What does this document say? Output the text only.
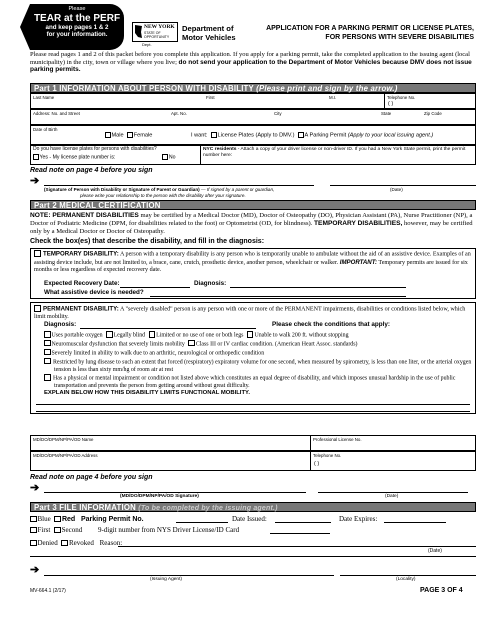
Please
TEAR at the PERF
and keep pages 1 & 2
for your information.
NEW YORK
STATE OF
OPPORTUNITY
Dept.
Department of
Motor Vehicles
APPLICATION FOR A PARKING PERMIT OR LICENSE PLATES,
FOR PERSONS WITH SEVERE DISABILITIES
Please read pages 1 and 2 of this packet before you complete this application. If you apply for a parking permit, take the completed application to the issuing agent (local municipality) in the city, town or village where you live; do not send your application to the Department of Motor Vehicles because DMV does not issue parking permits.
Part 1 INFORMATION ABOUT PERSON WITH DISABILITY (Please print and sign by the arrow.)
Last Name	First	M.I.	Telephone No.
( )
Address: No. and Street	Apt. No.	City	State	Zip Code
Date of Birth
Male Female	I want: License Plates (Apply to DMV.) A Parking Permit (Apply to your local issuing agent.)
Do you have license plates for persons with disabilities?
Yes - My license plate number is:	No
NYC residents - Attach a copy of your driver license or non-driver ID. If you had a New York State permit, print the permit number here:
Read note on page 4 before you sign
➔
(Signature of Person with Disability or Signature of Parent or Guardian) — If signed by a parent or guardian,
please write your relationship to the person with the disability after your signature.
(Date)
Part 2 MEDICAL CERTIFICATION
NOTE: PERMANENT DISABILITIES may be certified by a Medical Doctor (MD), Doctor of Osteopathy (DO), Physician Assistant (PA), Nurse Practitioner (NP), a Doctor of Podiatric Medicine (DPM, for disabilities related to the foot) or Optometrist (OD, for blindness). TEMPORARY DISABILITIES, however, may be certified only by a Medical Doctor or Doctor of Osteopathy.
Check the box(es) that describe the disability, and fill in the diagnosis:
TEMPORARY DISABILITY: A person with a temporary disability is any person who is temporarily unable to ambulate without the aid of an assistive device. Examples of an assisting device include, but are not limited to, a brace, cane, crutch, prosthetic device, another person, wheelchair or walker. IMPORTANT: Temporary permits are issued for six months or less regardless of expected recovery date.
Expected Recovery Date:	Diagnosis:
What assistive device is needed?
PERMANENT DISABILITY: A "severely disabled" person is any person with one or more of the PERMANENT impairments, disabilities or conditions listed below, which limit mobility.
Diagnosis:	Please check the conditions that apply:
Uses portable oxygen Legally blind Limited or no use of one or both legs Unable to walk 200 ft. without stopping
Neuromuscular dysfunction that severely limits mobility Class III or IV cardiac condition. (American Heart Assoc. standards)
Severely limited in ability to walk due to an arthritic, neurological or orthopedic condition
Restricted by lung disease to such an extent that forced (respiratory) expiratory volume for one second, when measured by spirometry, is less than one liter, or the arterial oxygen tension is less than sixty mm/hg of room air at rest
Has a physical or mental impairment or condition not listed above which constitutes an equal degree of disability, and which imposes unusual hardship in the use of public transportation and prevents the person from getting around without great difficulty.
EXPLAIN BELOW HOW THIS DISABILITY LIMITS FUNCTIONAL MOBILITY.
MD/DO/DPM/NP/PA/OD Name	Professional License No.
MD/DO/DPM/NP/PA/OD Address	Telephone No.
( )
Read note on page 4 before you sign
➔
(MD/DO/DPM/NP/PA/OD Signature)	(Date)
Part 3 FILE INFORMATION (To be completed by the issuing agent.)
Blue Red Parking Permit No.	Date Issued:	Date Expires:
First Second 9-digit number from NYS Driver License/ID Card
Denied Revoked Reason:
(Date)
➔
(Issuing Agent)	(Locality)
MV-664.1 (2/17)	PAGE 3 OF 4
